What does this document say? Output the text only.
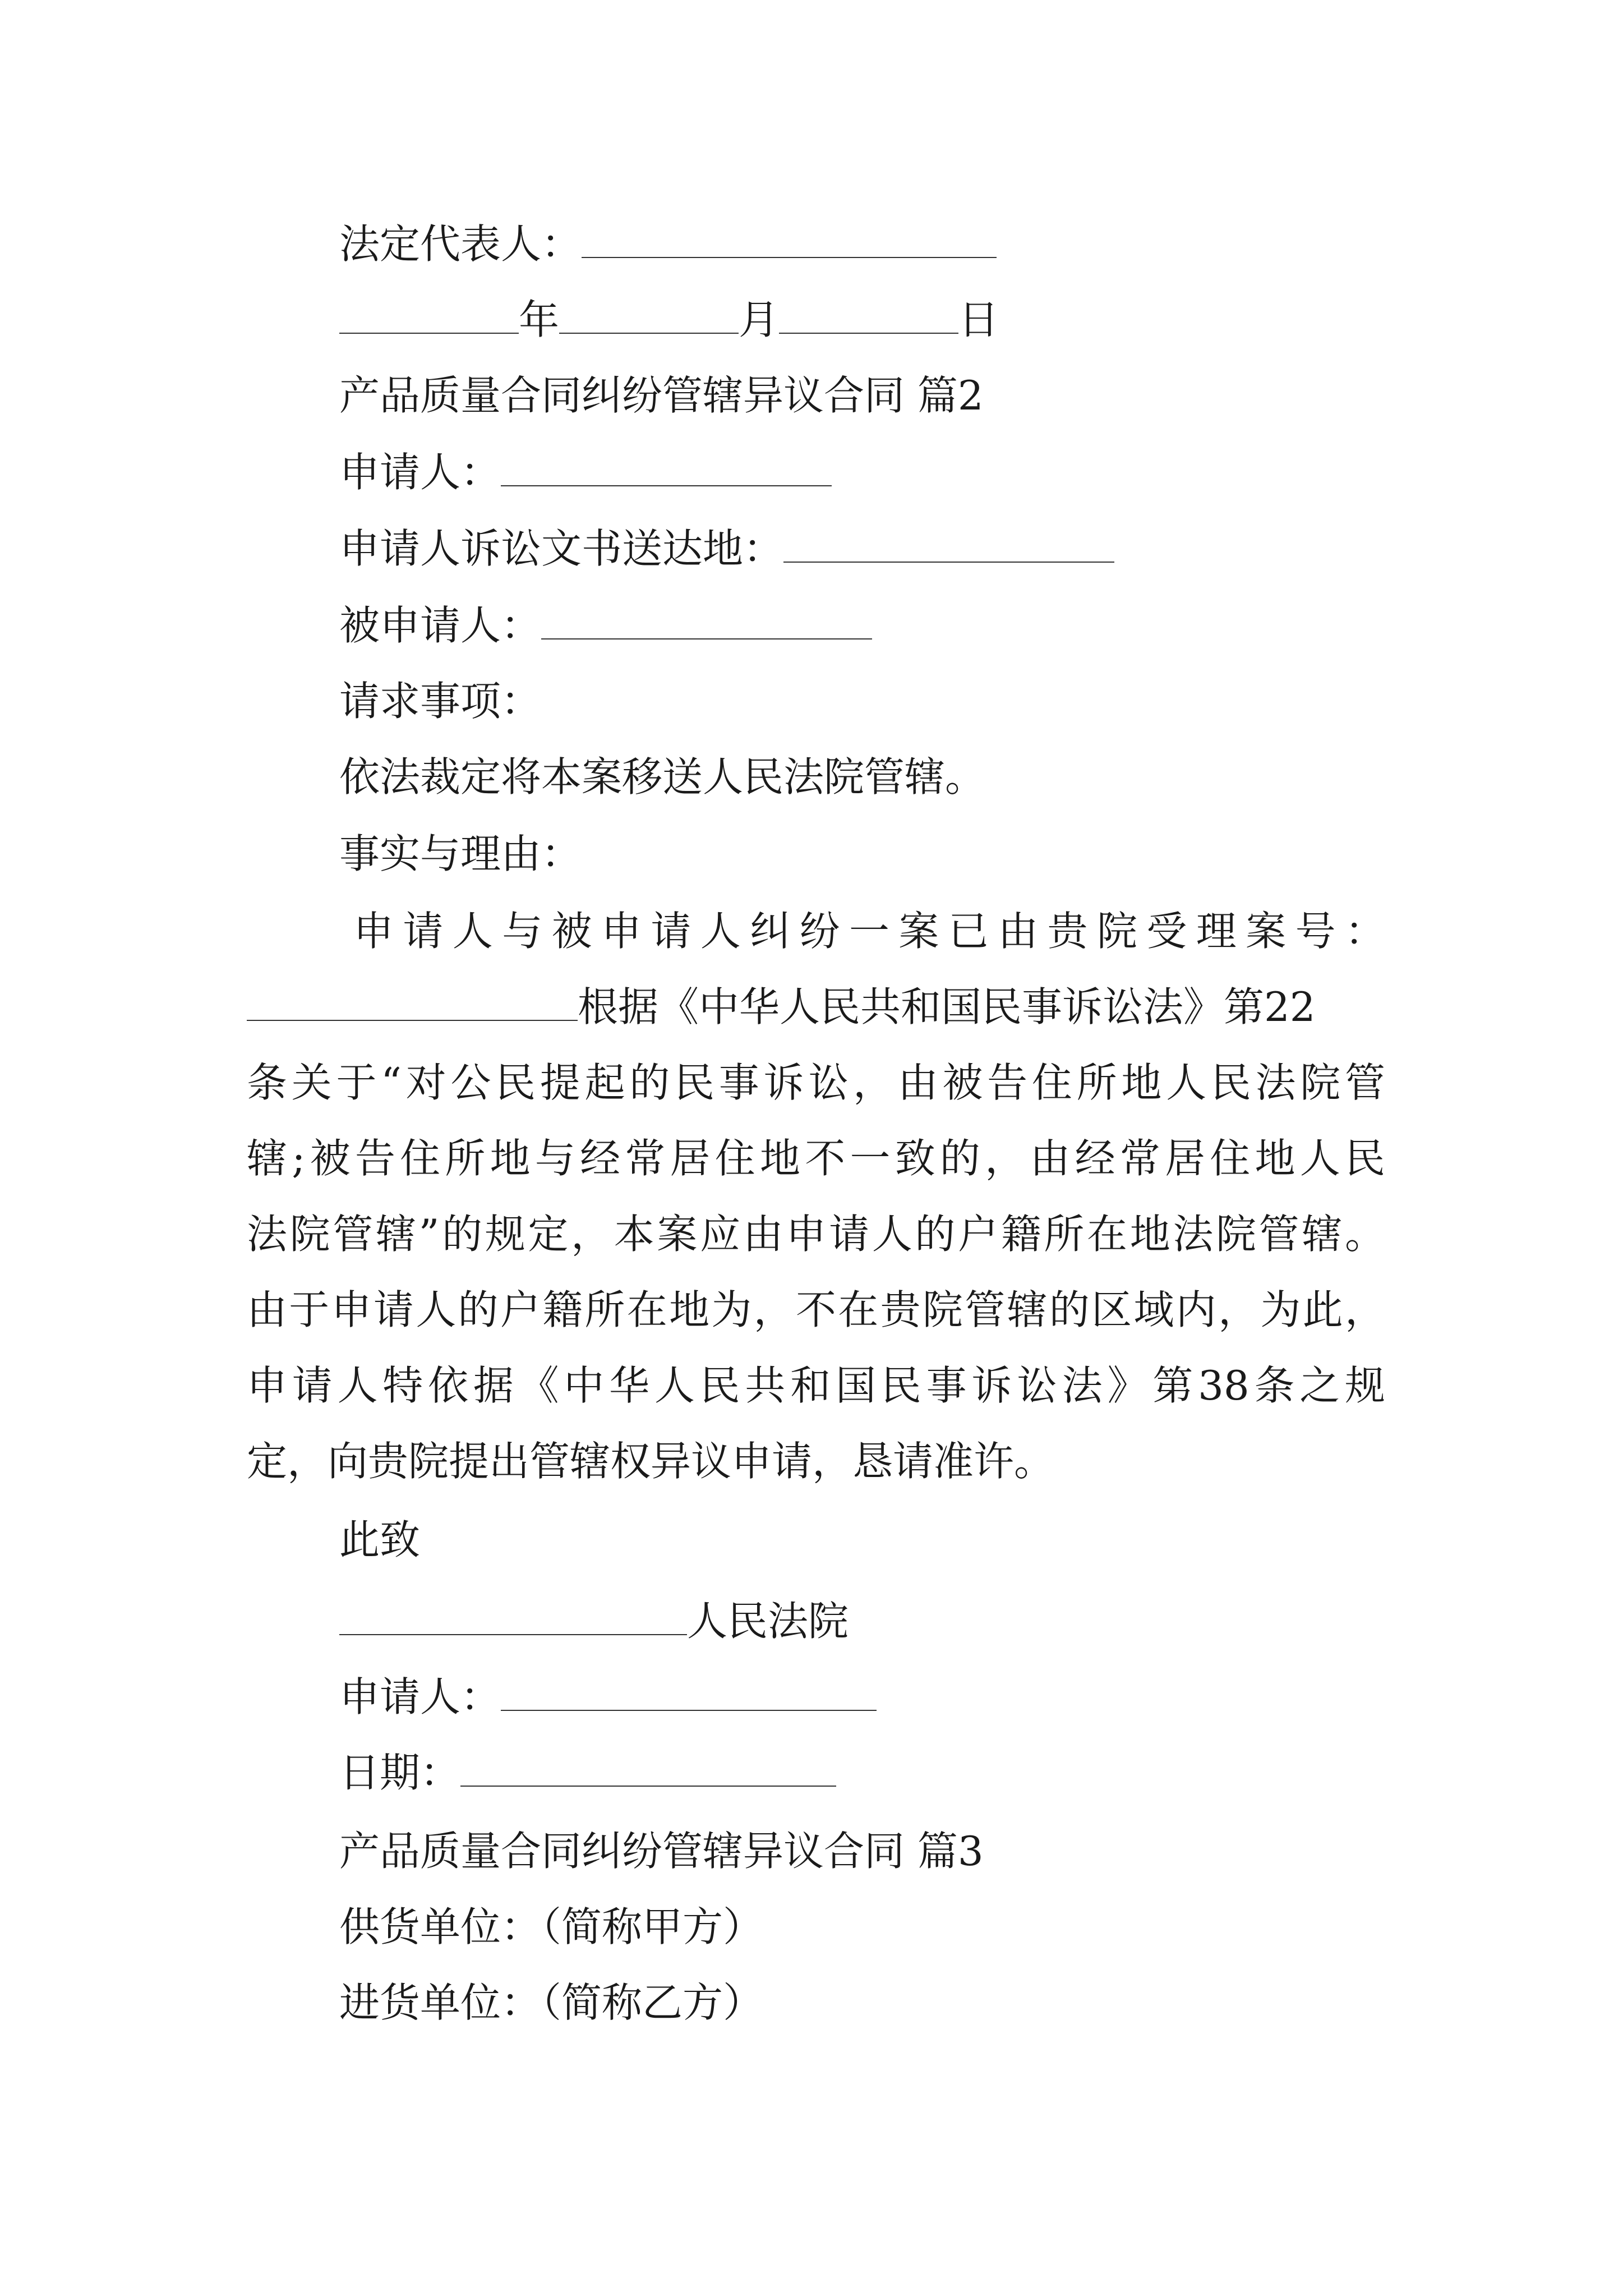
法定代表人：
年	月	日
产品质量合同纠纷管辖异议合同 篇2
申请人：
申请人诉讼文书送达地：
被申请人：
请求事项：
依法裁定将本案移送人民法院管辖。
事实与理由：
申请人与被申请人纠纷一案已由贵院受理案号：
根据《中华人民共和国民事诉讼法》第22
条关于“对公民提起的民事诉讼，由被告住所地人民法院管
辖;被告住所地与经常居住地不一致的，由经常居住地人民
法院管辖”的规定，本案应由申请人的户籍所在地法院管辖。
由于申请人的户籍所在地为，不在贵院管辖的区域内，为此，
申请人特依据《中华人民共和国民事诉讼法》第38条之规
定，向贵院提出管辖权异议申请，恳请准许。
此致
人民法院
申请人：
日期：
产品质量合同纠纷管辖异议合同 篇3
供货单位：（简称甲方）
进货单位：（简称乙方）
